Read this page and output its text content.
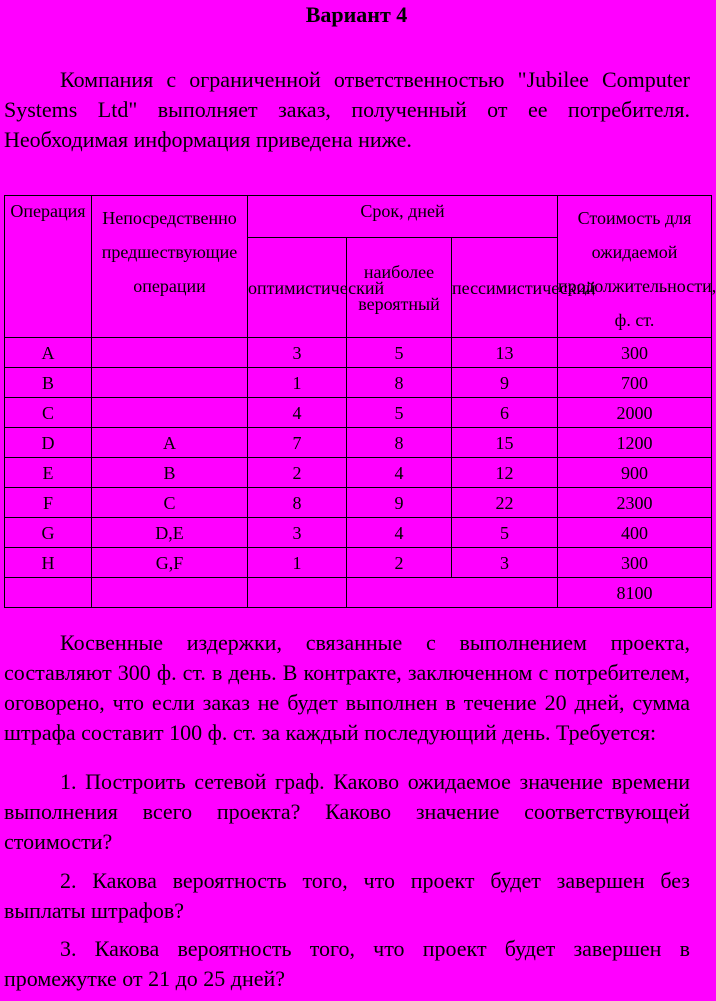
Вариант 4

Компания с ограниченной ответственностью "Jubilee Computer Systems Ltd" выполняет заказ, полученный от ее потребителя. Необходимая информация приведена ниже.

Операция	Непосредственно предшествующие операции	Срок, дней			Стоимость для ожидаемой продолжительности, ф. ст.
		оптимистический	наиболее вероятный	пессимистический	
A		3	5	13	300
B		1	8	9	700
C		4	5	6	2000
D	A	7	8	15	1200
E	B	2	4	12	900
F	C	8	9	22	2300
G	D,E	3	4	5	400
H	G,F	1	2	3	300
					8100

Косвенные издержки, связанные с выполнением проекта, составляют 300 ф. ст. в день. В контракте, заключенном с потребителем, оговорено, что если заказ не будет выполнен в течение 20 дней, сумма штрафа составит 100 ф. ст. за каждый последующий день. Требуется:

1. Построить сетевой граф. Каково ожидаемое значение времени выполнения всего проекта? Каково значение соответствующей стоимости?

2. Какова вероятность того, что проект будет завершен без выплаты штрафов?

3. Какова вероятность того, что проект будет завершен в промежутке от 21 до 25 дней?
